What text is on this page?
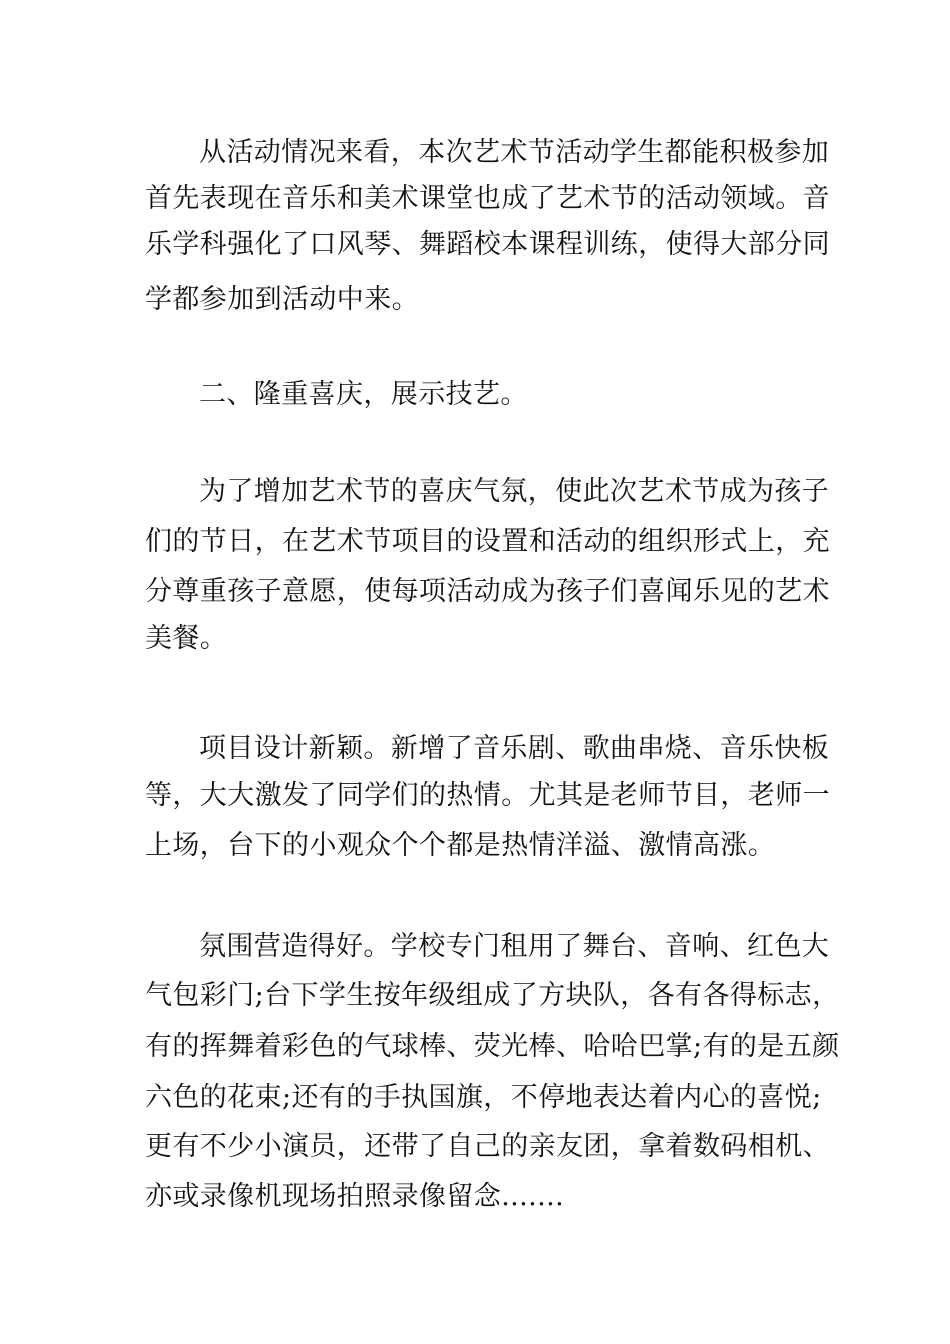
从活动情况来看，本次艺术节活动学生都能积极参加
首先表现在音乐和美术课堂也成了艺术节的活动领域。音
乐学科强化了口风琴、舞蹈校本课程训练，使得大部分同
学都参加到活动中来。
二、隆重喜庆，展示技艺。
为了增加艺术节的喜庆气氛，使此次艺术节成为孩子
们的节日，在艺术节项目的设置和活动的组织形式上，充
分尊重孩子意愿，使每项活动成为孩子们喜闻乐见的艺术
美餐。
项目设计新颖。新增了音乐剧、歌曲串烧、音乐快板
等，大大激发了同学们的热情。尤其是老师节目，老师一
上场，台下的小观众个个都是热情洋溢、激情高涨。
氛围营造得好。学校专门租用了舞台、音响、红色大
气包彩门;台下学生按年级组成了方块队，各有各得标志，
有的挥舞着彩色的气球棒、荧光棒、哈哈巴掌;有的是五颜
六色的花束;还有的手执国旗，不停地表达着内心的喜悦;
更有不少小演员，还带了自己的亲友团，拿着数码相机、
亦或录像机现场拍照录像留念.......
